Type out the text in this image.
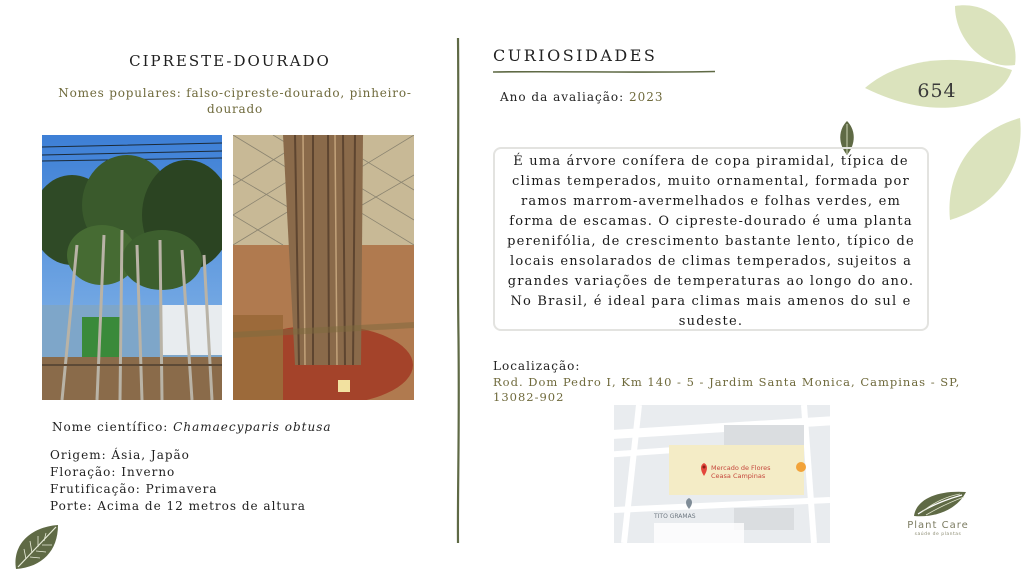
CIPRESTE-DOURADO
Nomes populares: falso-cipreste-dourado, pinheiro-dourado
Nome científico: Chamaecyparis obtusa
Origem: Ásia, Japão
Floração: Inverno
Frutificação: Primavera
Porte: Acima de 12 metros de altura
CURIOSIDADES
Ano da avaliação: 2023	654
É uma árvore conífera de copa piramidal, típica de climas temperados, muito ornamental, formada por ramos marrom-avermelhados e folhas verdes, em forma de escamas. O cipreste-dourado é uma planta perenifólia, de crescimento bastante lento, típico de locais ensolarados de climas temperados, sujeitos a grandes variações de temperaturas ao longo do ano. No Brasil, é ideal para climas mais amenos do sul e sudeste.
Localização:
Rod. Dom Pedro I, Km 140 - 5 - Jardim Santa Monica, Campinas - SP, 13082-902
Mercado de Flores Ceasa Campinas
TITO GRAMAS
Plant Care
saúde de plantas
